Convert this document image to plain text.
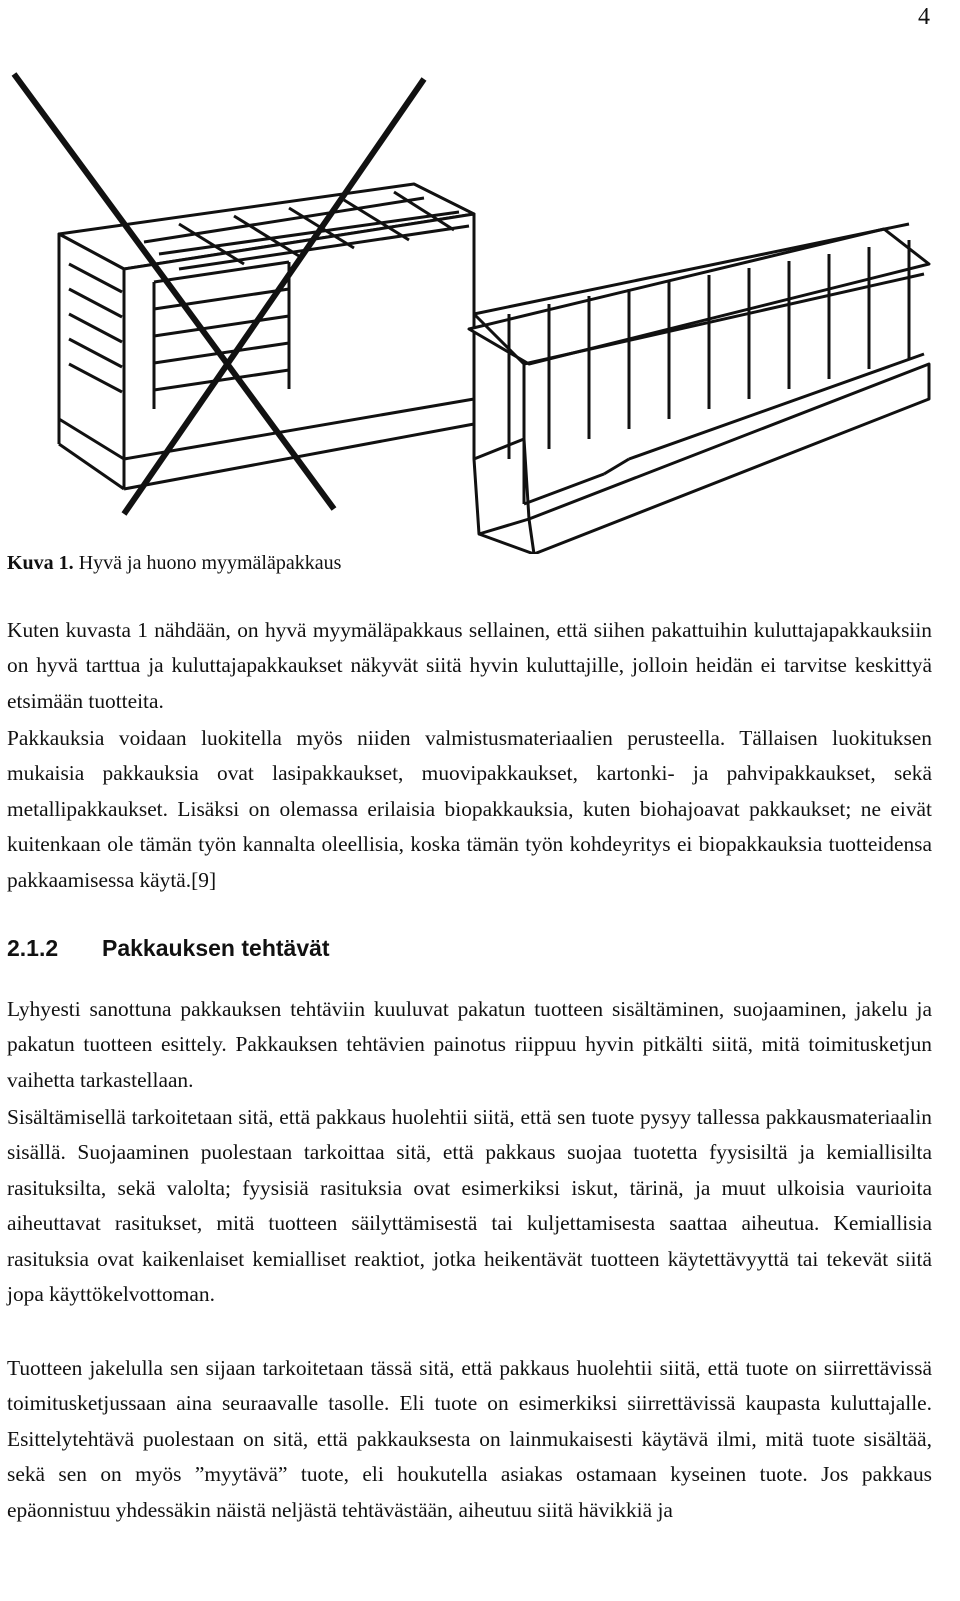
4
Kuva 1. Hyvä ja huono myymäläpakkaus

Kuten kuvasta 1 nähdään, on hyvä myymäläpakkaus sellainen, että siihen pakattuihin kuluttajapakkauksiin on hyvä tarttua ja kuluttajapakkaukset näkyvät siitä hyvin kuluttajille, jolloin heidän ei tarvitse keskittyä etsimään tuotteita.

Pakkauksia voidaan luokitella myös niiden valmistusmateriaalien perusteella. Tällaisen luokituksen mukaisia pakkauksia ovat lasipakkaukset, muovipakkaukset, kartonki- ja pahvipakkaukset, sekä metallipakkaukset. Lisäksi on olemassa erilaisia biopakkauksia, kuten biohajoavat pakkaukset; ne eivät kuitenkaan ole tämän työn kannalta oleellisia, koska tämän työn kohdeyritys ei biopakkauksia tuotteidensa pakkaamisessa käytä.[9]

2.1.2 Pakkauksen tehtävät

Lyhyesti sanottuna pakkauksen tehtäviin kuuluvat pakatun tuotteen sisältäminen, suojaaminen, jakelu ja pakatun tuotteen esittely. Pakkauksen tehtävien painotus riippuu hyvin pitkälti siitä, mitä toimitusketjun vaihetta tarkastellaan.

Sisältämisellä tarkoitetaan sitä, että pakkaus huolehtii siitä, että sen tuote pysyy tallessa pakkausmateriaalin sisällä. Suojaaminen puolestaan tarkoittaa sitä, että pakkaus suojaa tuotetta fyysisiltä ja kemiallisilta rasituksilta, sekä valolta; fyysisiä rasituksia ovat esimerkiksi iskut, tärinä, ja muut ulkoisia vaurioita aiheuttavat rasitukset, mitä tuotteen säilyttämisestä tai kuljettamisesta saattaa aiheutua. Kemiallisia rasituksia ovat kaikenlaiset kemialliset reaktiot, jotka heikentävät tuotteen käytettävyyttä tai tekevät siitä jopa käyttökelvottoman.

Tuotteen jakelulla sen sijaan tarkoitetaan tässä sitä, että pakkaus huolehtii siitä, että tuote on siirrettävissä toimitusketjussaan aina seuraavalle tasolle. Eli tuote on esimerkiksi siirrettävissä kaupasta kuluttajalle. Esittelytehtävä puolestaan on sitä, että pakkauksesta on lainmukaisesti käytävä ilmi, mitä tuote sisältää, sekä sen on myös ”myytävä” tuote, eli houkutella asiakas ostamaan kyseinen tuote. Jos pakkaus epäonnistuu yhdessäkin näistä neljästä tehtävästään, aiheutuu siitä hävikkiä ja
